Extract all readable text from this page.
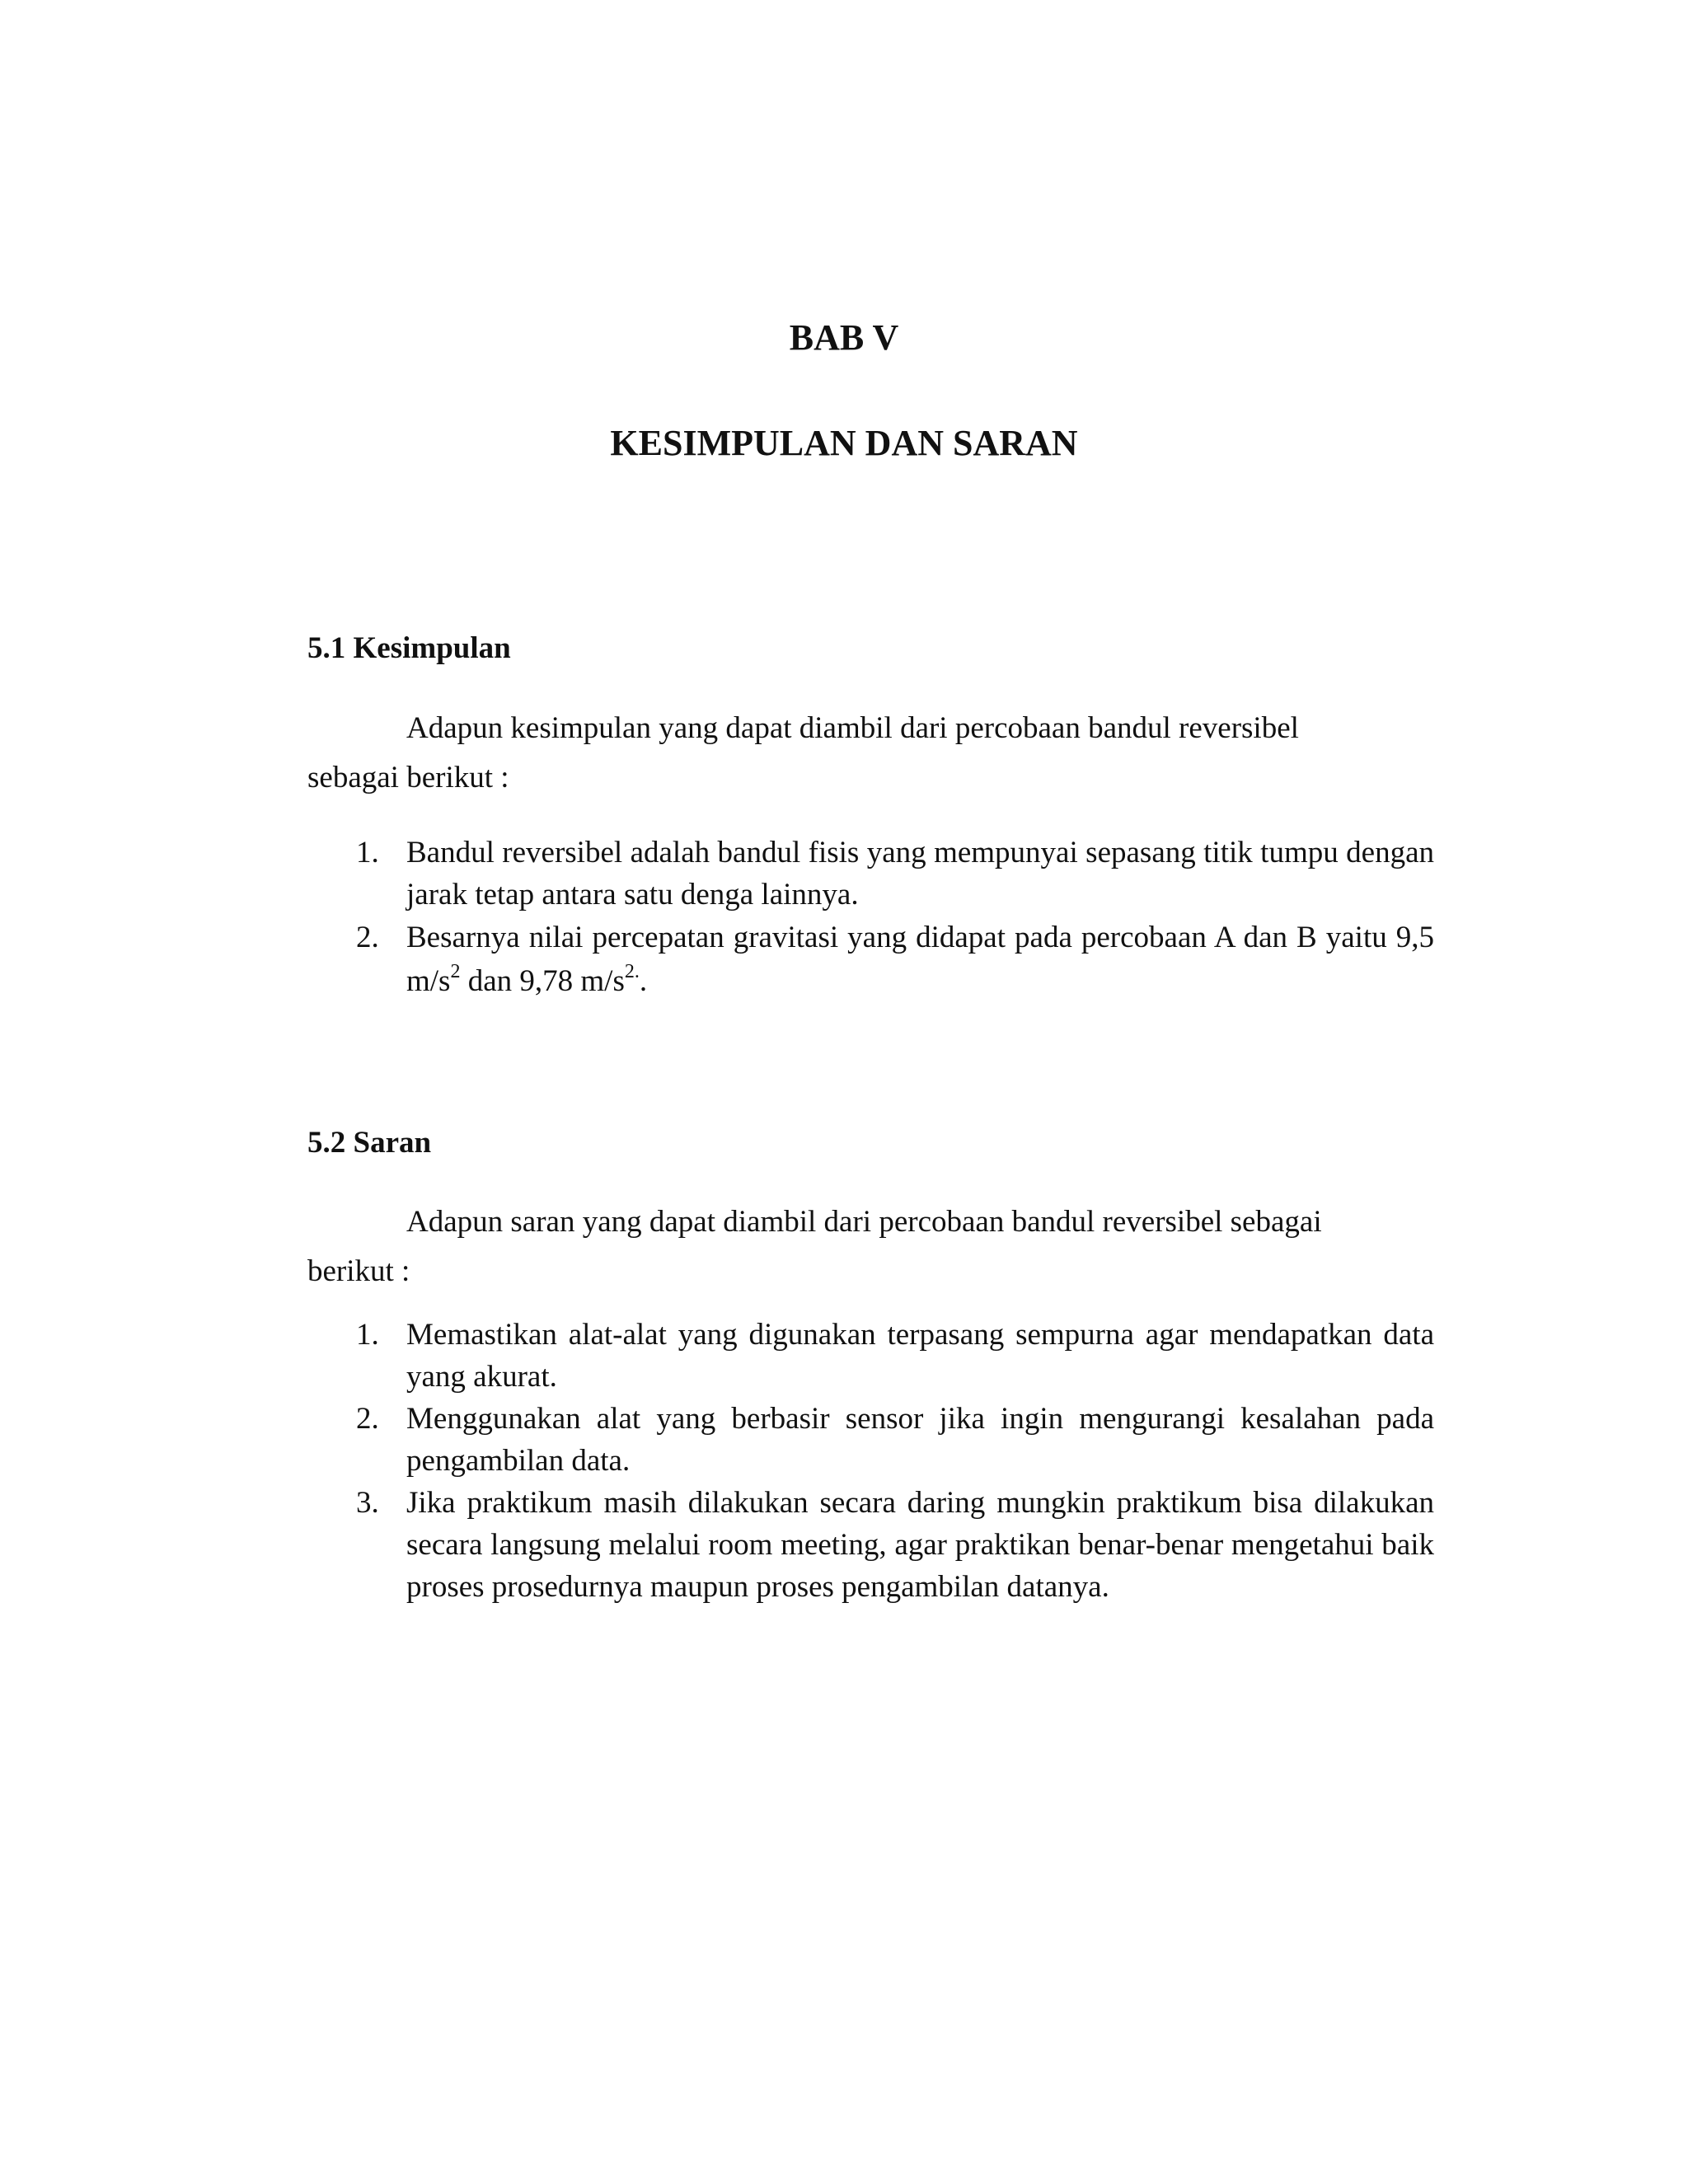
BAB V
KESIMPULAN DAN SARAN
5.1 Kesimpulan

Adapun kesimpulan yang dapat diambil dari percobaan bandul reversibel sebagai berikut :

1. Bandul reversibel adalah bandul fisis yang mempunyai sepasang titik tumpu dengan jarak tetap antara satu denga lainnya.
2. Besarnya nilai percepatan gravitasi yang didapat pada percobaan A dan B yaitu 9,5 $m/s^2$ dan 9,78 $m/s^{2.}$.
5.2 Saran

Adapun saran yang dapat diambil dari percobaan bandul reversibel sebagai berikut :

1. Memastikan alat-alat yang digunakan terpasang sempurna agar mendapatkan data yang akurat.
2. Menggunakan alat yang berbasir sensor jika ingin mengurangi kesalahan pada pengambilan data.
3. Jika praktikum masih dilakukan secara daring mungkin praktikum bisa dilakukan secara langsung melalui room meeting, agar praktikan benar-benar mengetahui baik proses prosedurnya maupun proses pengambilan datanya.
